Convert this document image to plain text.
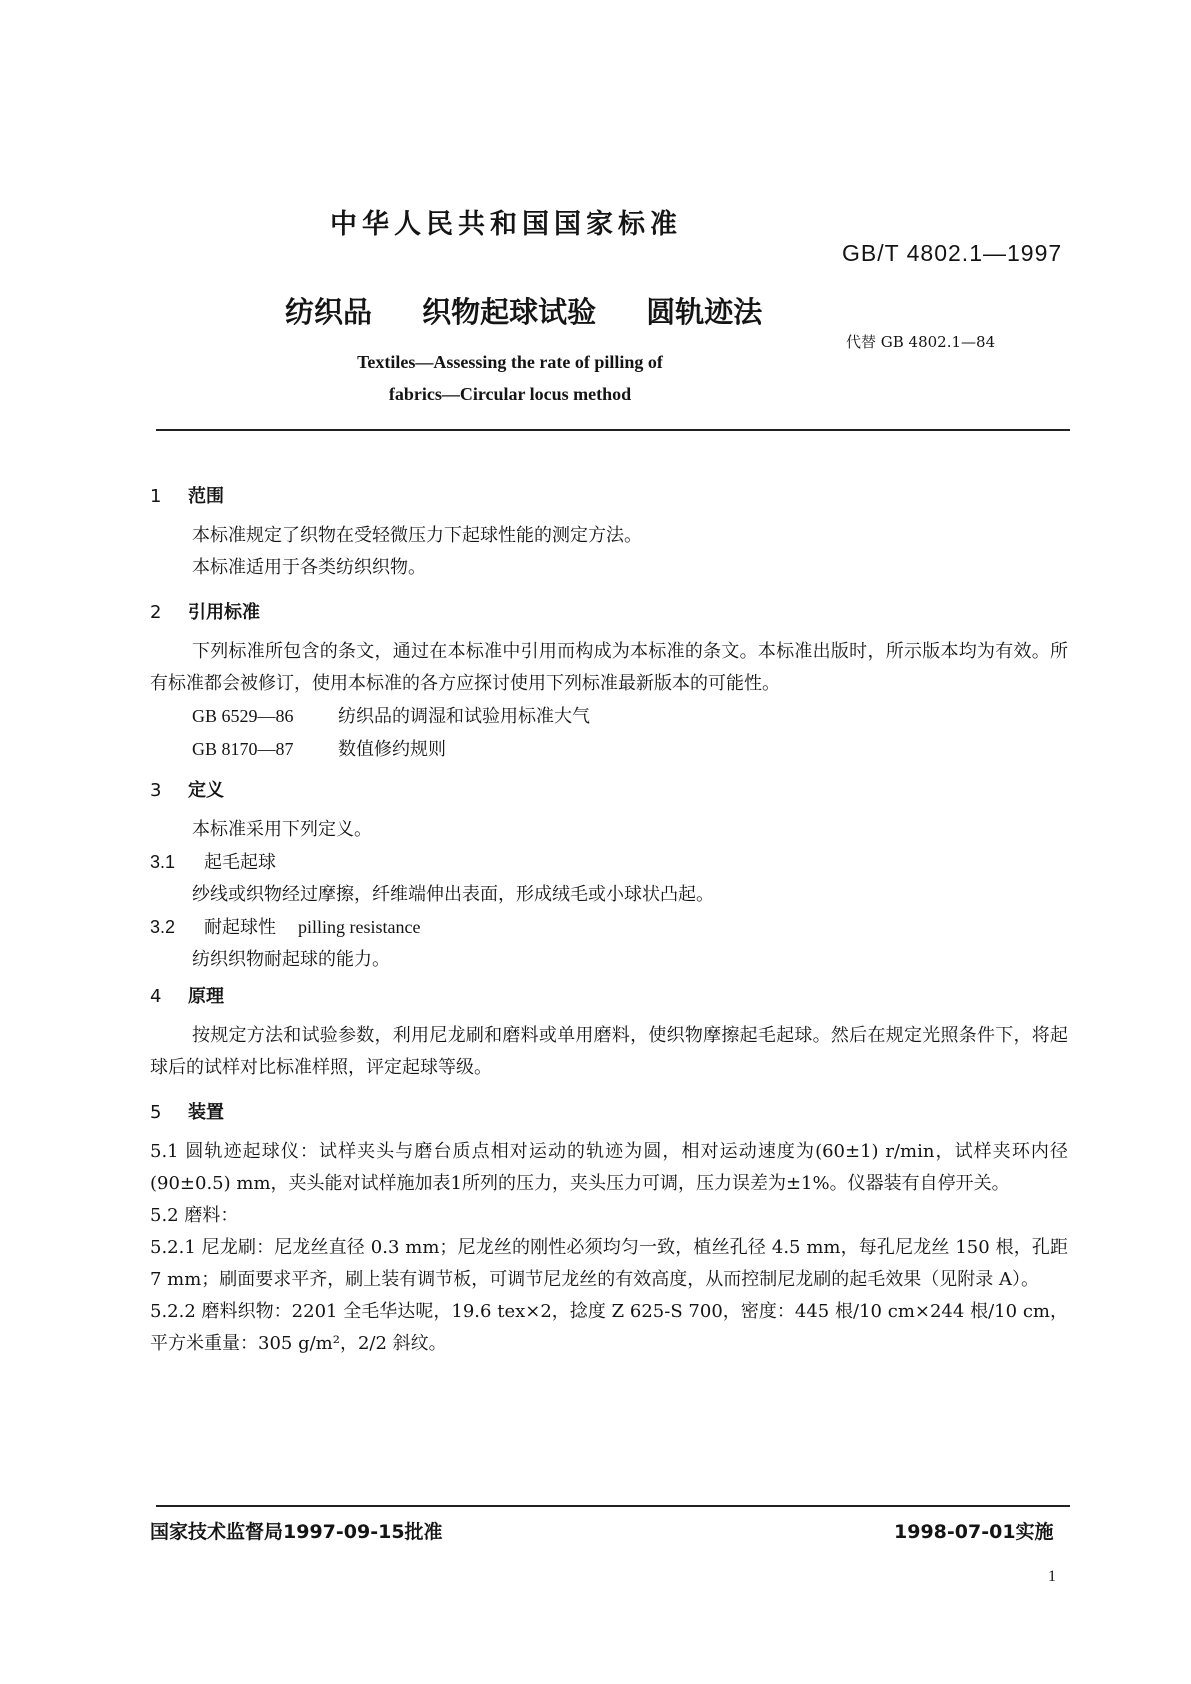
中华人民共和国国家标准
GB/T 4802.1—1997
代替 GB 4802.1—84
纺织品 织物起球试验 圆轨迹法
Textiles—Assessing the rate of pilling of
fabrics—Circular locus method
1 范围
本标准规定了织物在受轻微压力下起球性能的测定方法。
本标准适用于各类纺织织物。
2 引用标准
下列标准所包含的条文，通过在本标准中引用而构成为本标准的条文。本标准出版时，所示版本均为有效。所有标准都会被修订，使用本标准的各方应探讨使用下列标准最新版本的可能性。
GB 6529—86 纺织品的调湿和试验用标准大气
GB 8170—87 数值修约规则
3 定义
本标准采用下列定义。
3.1 起毛起球
纱线或织物经过摩擦，纤维端伸出表面，形成绒毛或小球状凸起。
3.2 耐起球性 pilling resistance
纺织织物耐起球的能力。
4 原理
按规定方法和试验参数，利用尼龙刷和磨料或单用磨料，使织物摩擦起毛起球。然后在规定光照条件下，将起球后的试样对比标准样照，评定起球等级。
5 装置
5.1 圆轨迹起球仪：试样夹头与磨台质点相对运动的轨迹为圆，相对运动速度为(60±1) r/min，试样夹环内径(90±0.5) mm，夹头能对试样施加表1所列的压力，夹头压力可调，压力误差为±1%。仪器装有自停开关。
5.2 磨料：
5.2.1 尼龙刷：尼龙丝直径 0.3 mm；尼龙丝的刚性必须均匀一致，植丝孔径 4.5 mm，每孔尼龙丝 150 根，孔距 7 mm；刷面要求平齐，刷上装有调节板，可调节尼龙丝的有效高度，从而控制尼龙刷的起毛效果（见附录 A）。
5.2.2 磨料织物：2201 全毛华达呢，19.6 tex×2，捻度 Z 625-S 700，密度：445 根/10 cm×244 根/10 cm，平方米重量：305 g/m²，2/2 斜纹。
国家技术监督局1997-09-15批准	1998-07-01实施
1
